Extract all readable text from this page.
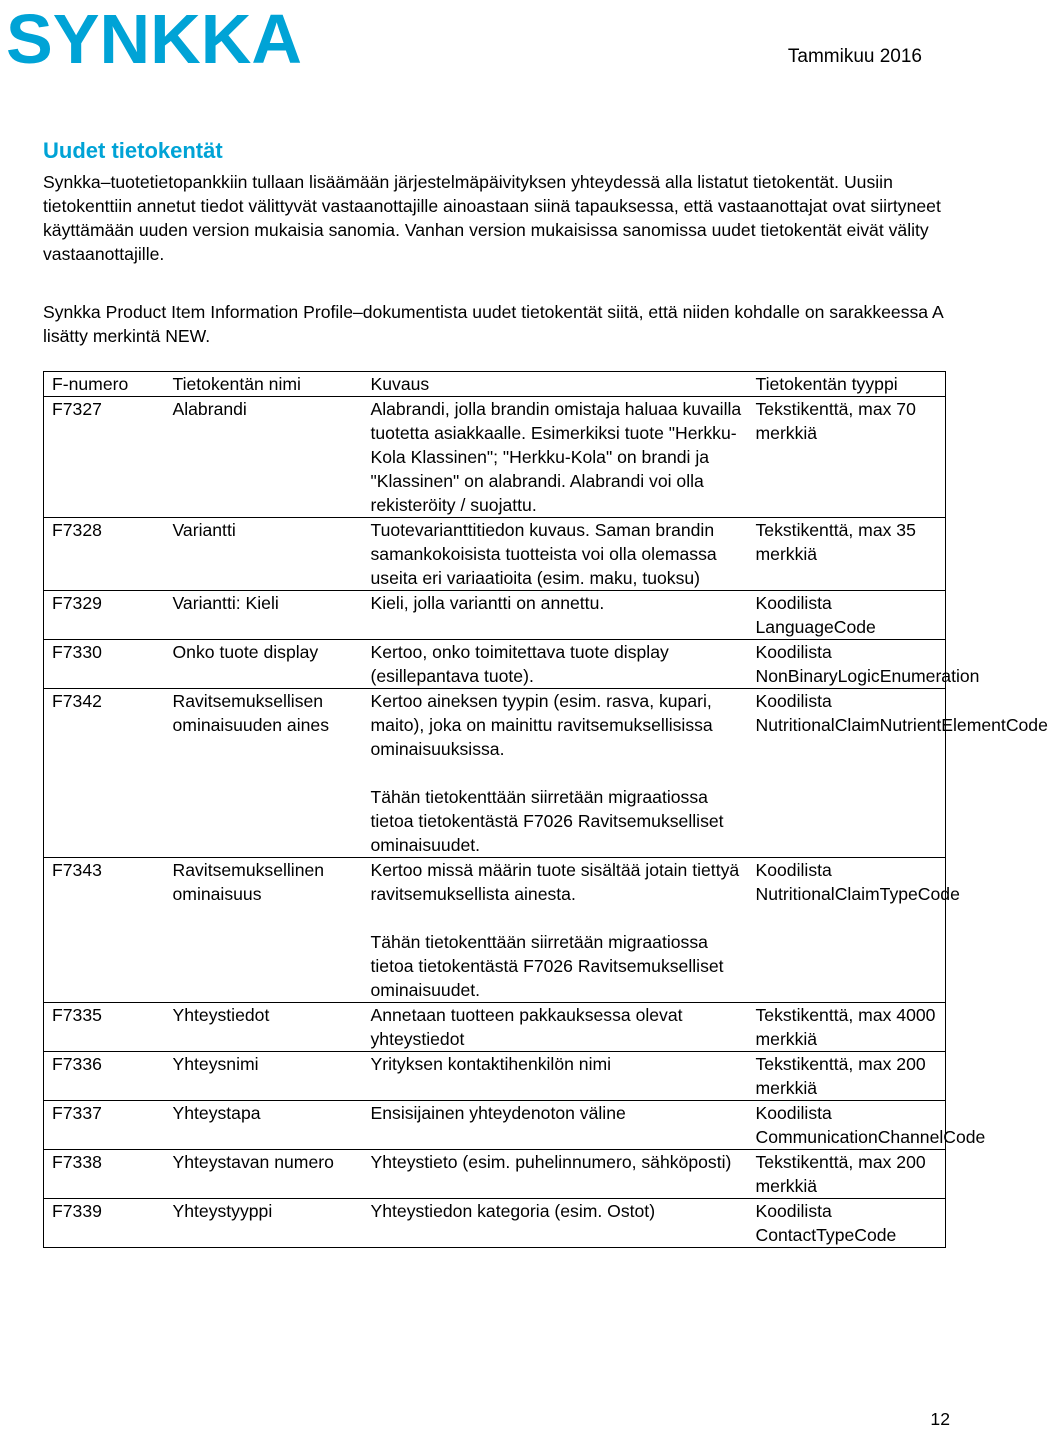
SYNKKA	Tammikuu 2016
Uudet tietokentät

Synkka–tuotetietopankkiin tullaan lisäämään järjestelmäpäivityksen yhteydessä alla listatut tietokentät. Uusiin tietokenttiin annetut tiedot välittyvät vastaanottajille ainoastaan siinä tapauksessa, että vastaanottajat ovat siirtyneet käyttämään uuden version mukaisia sanomia. Vanhan version mukaisissa sanomissa uudet tietokentät eivät välity vastaanottajille.

Synkka Product Item Information Profile–dokumentista uudet tietokentät siitä, että niiden kohdalle on sarakkeessa A lisätty merkintä NEW.

F-numero	Tietokentän nimi	Kuvaus	Tietokentän tyyppi
F7327	Alabrandi	Alabrandi, jolla brandin omistaja haluaa kuvailla tuotetta asiakkaalle. Esimerkiksi tuote "Herkku-Kola Klassinen"; "Herkku-Kola" on brandi ja "Klassinen" on alabrandi. Alabrandi voi olla rekisteröity / suojattu.	Tekstikenttä, max 70 merkkiä
F7328	Variantti	Tuotevarianttitiedon kuvaus. Saman brandin samankokoisista tuotteista voi olla olemassa useita eri variaatioita (esim. maku, tuoksu)	Tekstikenttä, max 35 merkkiä
F7329	Variantti: Kieli	Kieli, jolla variantti on annettu.	Koodilista LanguageCode
F7330	Onko tuote display	Kertoo, onko toimitettava tuote display (esillepantava tuote).	Koodilista NonBinaryLogicEnumeration
F7342	Ravitsemuksellisen ominaisuuden aines	Kertoo aineksen tyypin (esim. rasva, kupari, maito), joka on mainittu ravitsemuksellisissa ominaisuuksissa.
Tähän tietokenttään siirretään migraatiossa tietoa tietokentästä F7026 Ravitsemukselliset ominaisuudet.	Koodilista NutritionalClaimNutrientElementCode
F7343	Ravitsemuksellinen ominaisuus	Kertoo missä määrin tuote sisältää jotain tiettyä ravitsemuksellista ainesta.
Tähän tietokenttään siirretään migraatiossa tietoa tietokentästä F7026 Ravitsemukselliset ominaisuudet.	Koodilista NutritionalClaimTypeCode
F7335	Yhteystiedot	Annetaan tuotteen pakkauksessa olevat yhteystiedot	Tekstikenttä, max 4000 merkkiä
F7336	Yhteysnimi	Yrityksen kontaktihenkilön nimi	Tekstikenttä, max 200 merkkiä
F7337	Yhteystapa	Ensisijainen yhteydenoton väline	Koodilista CommunicationChannelCode
F7338	Yhteystavan numero	Yhteystieto (esim. puhelinnumero, sähköposti)	Tekstikenttä, max 200 merkkiä
F7339	Yhteystyyppi	Yhteystiedon kategoria (esim. Ostot)	Koodilista ContactTypeCode
12
